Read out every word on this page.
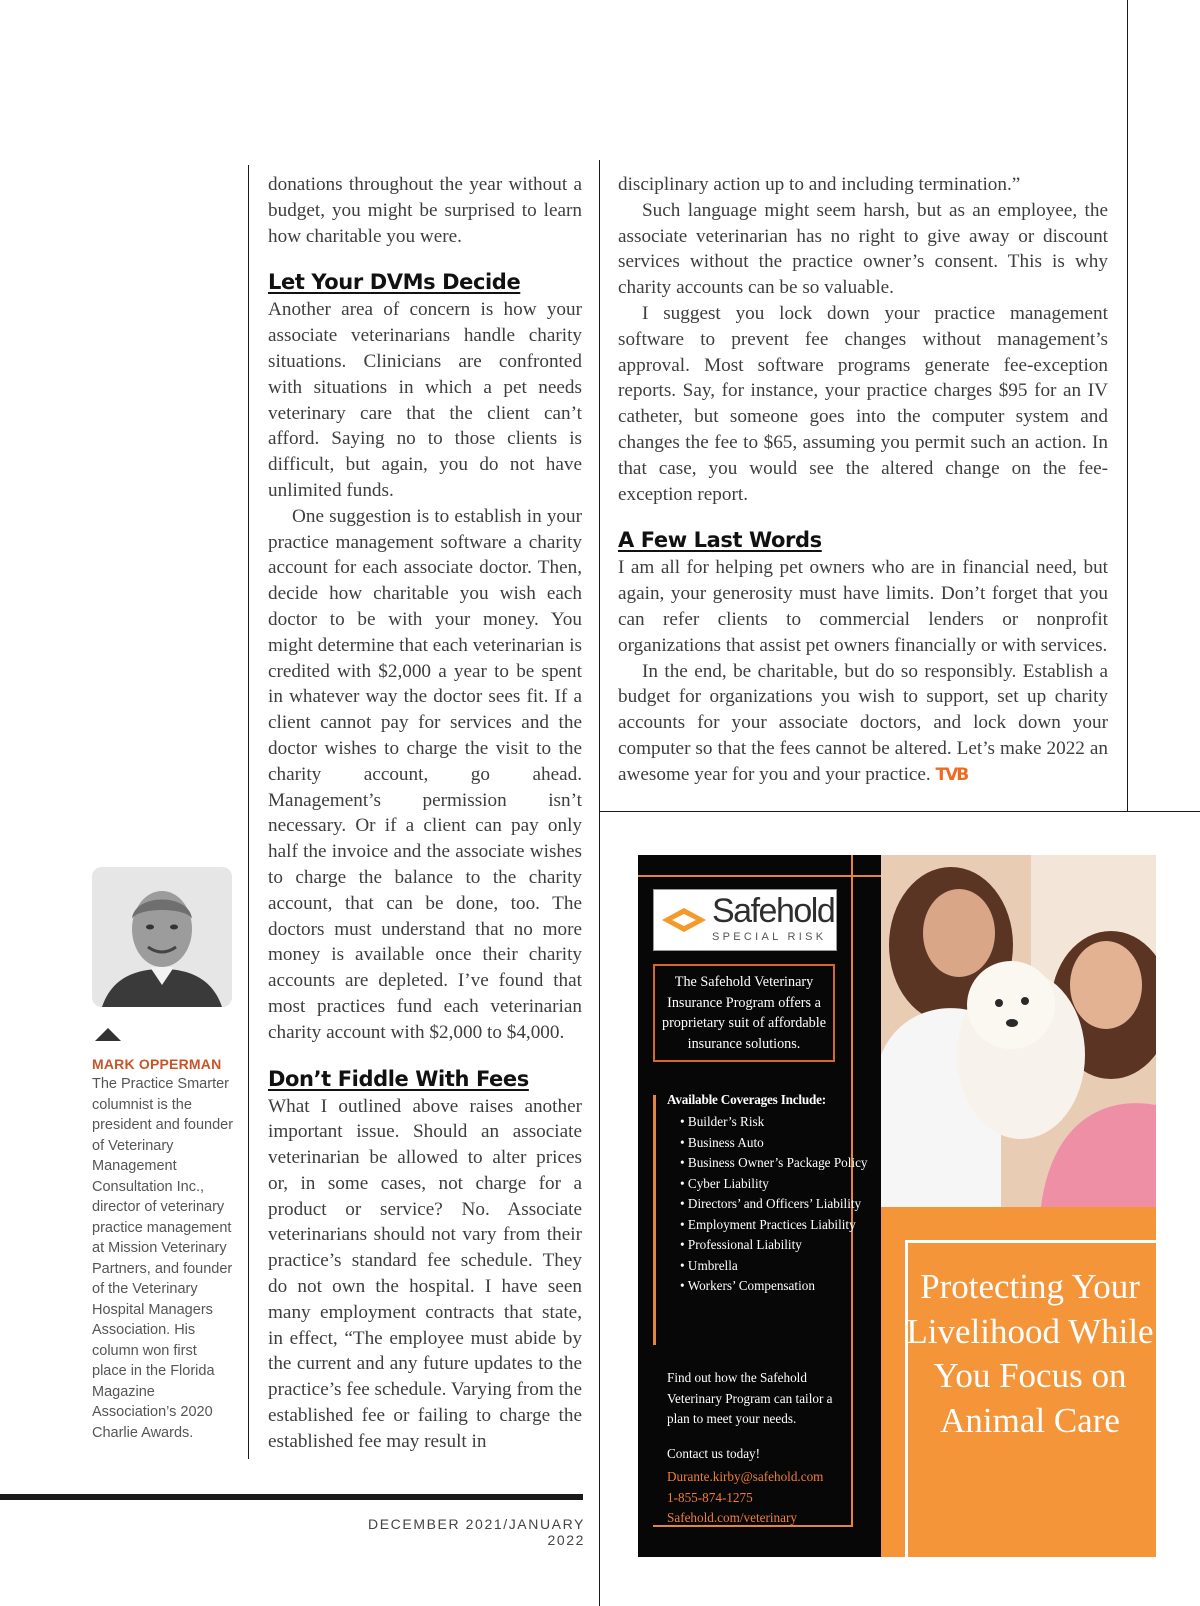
donations throughout the year without a budget, you might be surprised to learn how charitable you were.

Let Your DVMs Decide

Another area of concern is how your associate veterinarians handle charity situations. Clinicians are confronted with situations in which a pet needs veterinary care that the client can’t afford. Saying no to those clients is difficult, but again, you do not have unlimited funds.

One suggestion is to establish in your practice management software a charity account for each associate doctor. Then, decide how charitable you wish each doctor to be with your money. You might determine that each veterinarian is credited with $2,000 a year to be spent in whatever way the doctor sees fit. If a client cannot pay for services and the doctor wishes to charge the visit to the charity account, go ahead. Management’s permission isn’t necessary. Or if a client can pay only half the invoice and the associate wishes to charge the balance to the charity account, that can be done, too. The doctors must understand that no more money is available once their charity accounts are depleted. I’ve found that most practices fund each veterinarian charity account with $2,000 to $4,000.

Don’t Fiddle With Fees

What I outlined above raises another important issue. Should an associate veterinarian be allowed to alter prices or, in some cases, not charge for a product or service? No. Associate veterinarians should not vary from their practice’s standard fee schedule. They do not own the hospital. I have seen many employment contracts that state, in effect, “The employee must abide by the current and any future updates to the practice’s fee schedule. Varying from the established fee or failing to charge the established fee may result in

disciplinary action up to and including termination.”

Such language might seem harsh, but as an employee, the associate veterinarian has no right to give away or discount services without the practice owner’s consent. This is why charity accounts can be so valuable.

I suggest you lock down your practice management software to prevent fee changes without management’s approval. Most software programs generate fee-exception reports. Say, for instance, your practice charges $95 for an IV catheter, but someone goes into the computer system and changes the fee to $65, assuming you permit such an action. In that case, you would see the altered change on the fee-exception report.

A Few Last Words

I am all for helping pet owners who are in financial need, but again, your generosity must have limits. Don’t forget that you can refer clients to commercial lenders or nonprofit organizations that assist pet owners financially or with services.

In the end, be charitable, but do so responsibly. Establish a budget for organizations you wish to support, set up charity accounts for your associate doctors, and lock down your computer so that the fees cannot be altered. Let’s make 2022 an awesome year for you and your practice. TVB

MARK OPPERMAN

The Practice Smarter columnist is the president and founder of Veterinary Management Consultation Inc., director of veterinary practice management at Mission Veterinary Partners, and founder of the Veterinary Hospital Managers Association. His column won first place in the Florida Magazine Association’s 2020 Charlie Awards.

DECEMBER 2021/JANUARY 2022

Protecting Your Livelihood While You Focus on Animal Care

Safehold
SPECIAL RISK

The Safehold Veterinary Insurance Program offers a proprietary suit of affordable insurance solutions.

Available Coverages Include:
• Builder’s Risk
• Business Auto
• Business Owner’s Package Policy
• Cyber Liability
• Directors’ and Officers’ Liability
• Employment Practices Liability
• Professional Liability
• Umbrella
• Workers’ Compensation

Find out how the Safehold Veterinary Program can tailor a plan to meet your needs.

Contact us today!
Durante.kirby@safehold.com
1-855-874-1275
Safehold.com/veterinary
